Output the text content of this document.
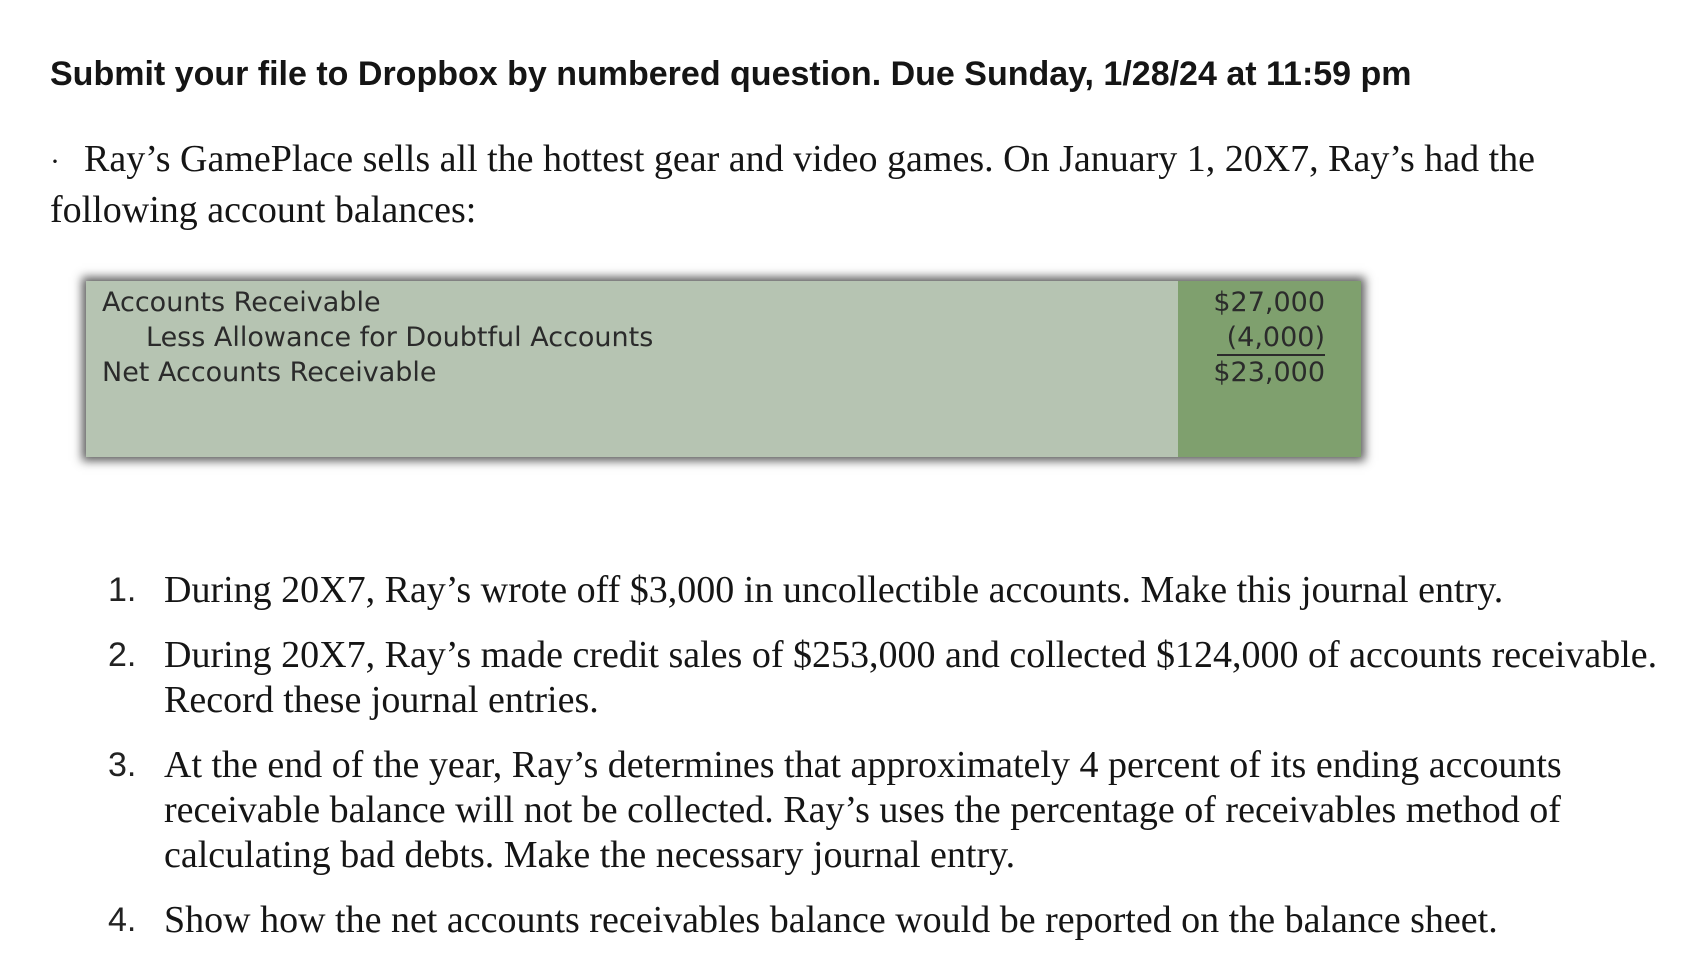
Submit your file to Dropbox by numbered question. Due Sunday, 1/28/24 at 11:59 pm

· Ray’s GamePlace sells all the hottest gear and video games. On January 1, 20X7, Ray’s had the following account balances:

Accounts Receivable
Less Allowance for Doubtful Accounts
Net Accounts Receivable
$27,000
(4,000)
$23,000
1. During 20X7, Ray’s wrote off $3,000 in uncollectible accounts. Make this journal entry.
2. During 20X7, Ray’s made credit sales of $253,000 and collected $124,000 of accounts receivable. Record these journal entries.
3. At the end of the year, Ray’s determines that approximately 4 percent of its ending accounts receivable balance will not be collected. Ray’s uses the percentage of receivables method of calculating bad debts. Make the necessary journal entry.
4. Show how the net accounts receivables balance would be reported on the balance sheet.
